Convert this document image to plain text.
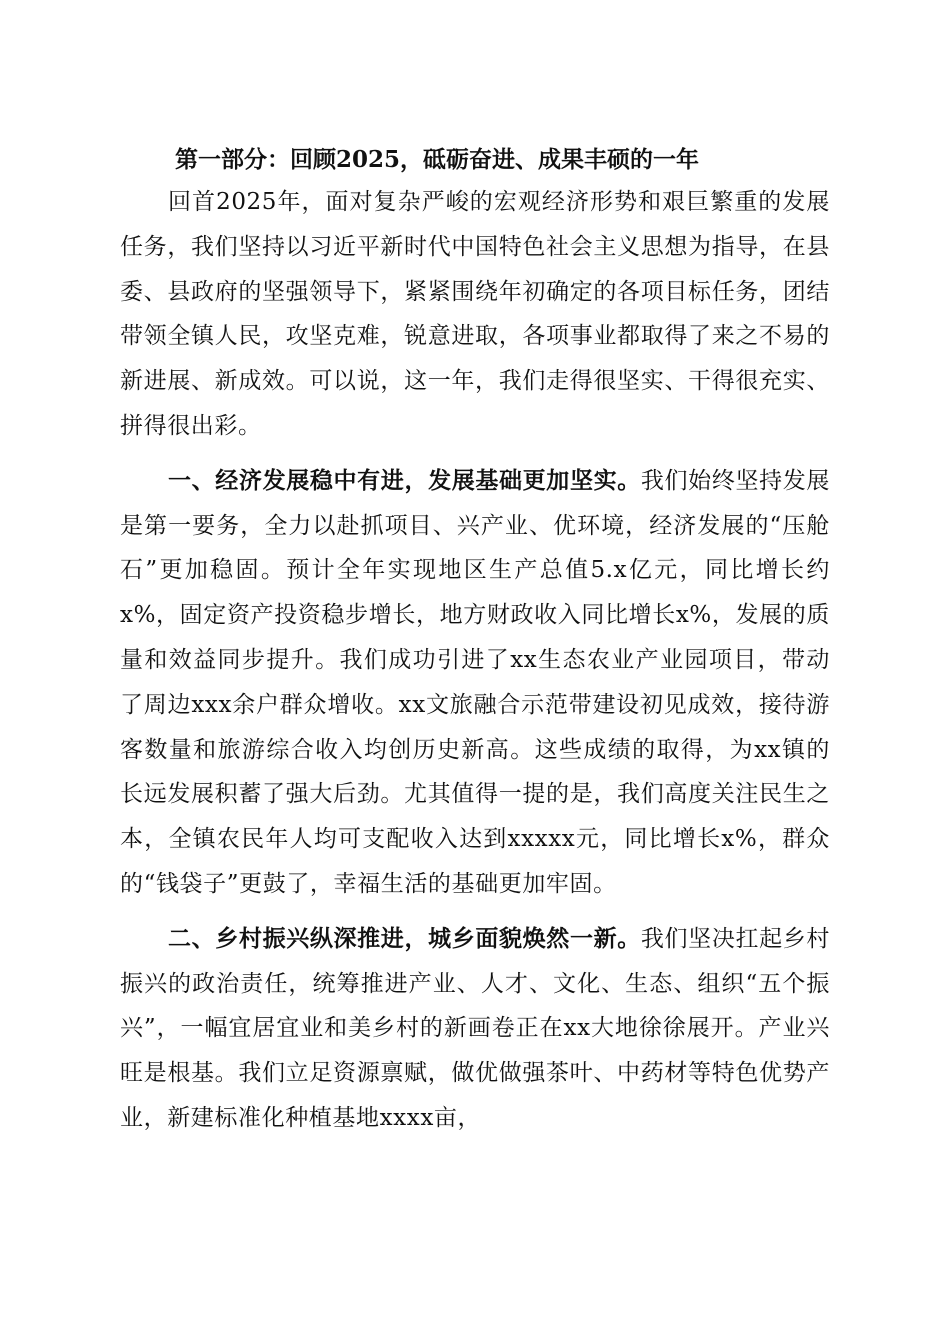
第一部分：回顾2025，砥砺奋进、成果丰硕的一年

回首2025年，面对复杂严峻的宏观经济形势和艰巨繁重的发展任务，我们坚持以习近平新时代中国特色社会主义思想为指导，在县委、县政府的坚强领导下，紧紧围绕年初确定的各项目标任务，团结带领全镇人民，攻坚克难，锐意进取，各项事业都取得了来之不易的新进展、新成效。可以说，这一年，我们走得很坚实、干得很充实、拼得很出彩。

一、经济发展稳中有进，发展基础更加坚实。我们始终坚持发展是第一要务，全力以赴抓项目、兴产业、优环境，经济发展的“压舱石”更加稳固。预计全年实现地区生产总值5.x亿元，同比增长约x%，固定资产投资稳步增长，地方财政收入同比增长x%，发展的质量和效益同步提升。我们成功引进了xx生态农业产业园项目，带动了周边xxx余户群众增收。xx文旅融合示范带建设初见成效，接待游客数量和旅游综合收入均创历史新高。这些成绩的取得，为xx镇的长远发展积蓄了强大后劲。尤其值得一提的是，我们高度关注民生之本，全镇农民年人均可支配收入达到xxxxx元，同比增长x%，群众的“钱袋子”更鼓了，幸福生活的基础更加牢固。

二、乡村振兴纵深推进，城乡面貌焕然一新。我们坚决扛起乡村振兴的政治责任，统筹推进产业、人才、文化、生态、组织“五个振兴”，一幅宜居宜业和美乡村的新画卷正在xx大地徐徐展开。产业兴旺是根基。我们立足资源禀赋，做优做强茶叶、中药材等特色优势产业，新建标准化种植基地xxxx亩，
